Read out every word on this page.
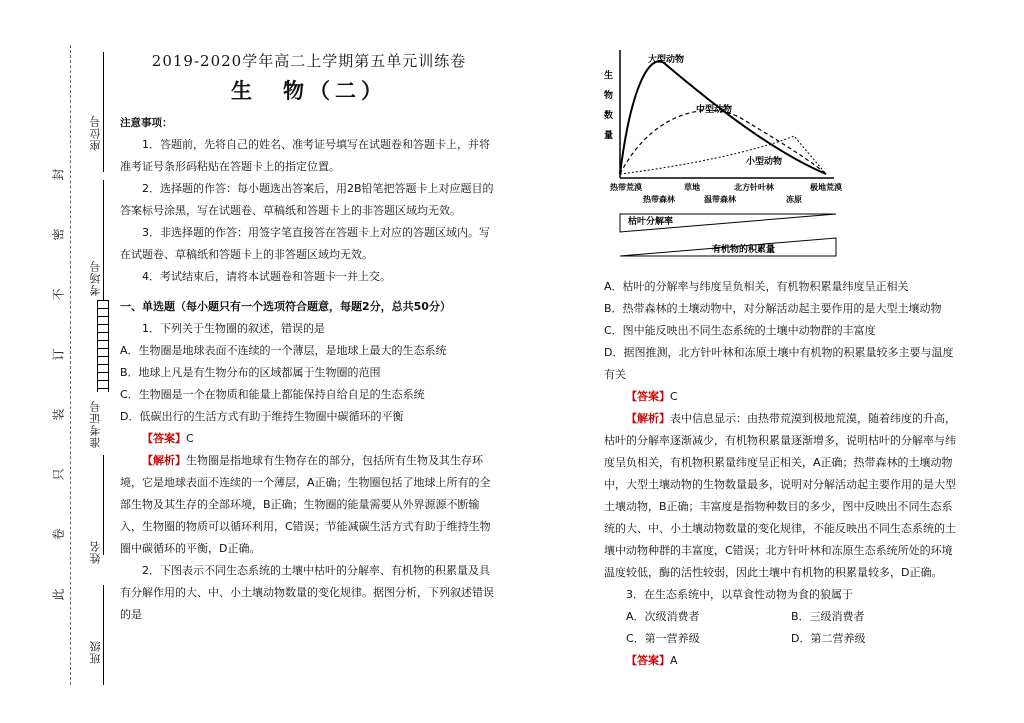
座位号
考场号
准考证号
姓名
班级
封
密
不
订
装
只
卷
此
2019-2020学年高二上学期第五单元训练卷
生　物（二）
注意事项：

1．答题前，先将自己的姓名、准考证号填写在试题卷和答题卡上，并将准考证号条形码粘贴在答题卡上的指定位置。

2．选择题的作答：每小题选出答案后，用2B铅笔把答题卡上对应题目的答案标号涂黑，写在试题卷、草稿纸和答题卡上的非答题区域均无效。

3．非选择题的作答：用签字笔直接答在答题卡上对应的答题区域内。写在试题卷、草稿纸和答题卡上的非答题区域均无效。

4．考试结束后，请将本试题卷和答题卡一并上交。

一、单选题（每小题只有一个选项符合题意，每题2分，总共50分）

1．下列关于生物圈的叙述，错误的是

A．生物圈是地球表面不连续的一个薄层，是地球上最大的生态系统

B．地球上凡是有生物分布的区域都属于生物圈的范围

C．生物圈是一个在物质和能量上都能保持自给自足的生态系统

D．低碳出行的生活方式有助于维持生物圈中碳循环的平衡

【答案】C

【解析】生物圈是指地球有生物存在的部分，包括所有生物及其生存环境，它是地球表面不连续的一个薄层，A正确；生物圈包括了地球上所有的全部生物及其生存的全部环境，B正确；生物圈的能量需要从外界源源不断输入，生物圈的物质可以循环利用，C错误；节能减碳生活方式有助于维持生物圈中碳循环的平衡，D正确。

2．下图表示不同生态系统的土壤中枯叶的分解率、有机物的积累量及具有分解作用的大、中、小土壤动物数量的变化规律。据图分析，下列叙述错误的是

生
物
数
量
大型动物
中型动物
小型动物
热带荒漠
热带森林
草地
温带森林
北方针叶林
冻原
极地荒漠
枯叶分解率
有机物的积累量

A．枯叶的分解率与纬度呈负相关，有机物积累量纬度呈正相关

B．热带森林的土壤动物中，对分解活动起主要作用的是大型土壤动物

C．图中能反映出不同生态系统的土壤中动物群的丰富度

D．据图推测，北方针叶林和冻原土壤中有机物的积累量较多主要与温度有关

【答案】C

【解析】表中信息显示：由热带荒漠到极地荒漠，随着纬度的升高，枯叶的分解率逐渐减少，有机物积累量逐渐增多，说明枯叶的分解率与纬度呈负相关，有机物积累量纬度呈正相关，A正确；热带森林的土壤动物中，大型土壤动物的生物数量最多，说明对分解活动起主要作用的是大型土壤动物，B正确；丰富度是指物种数目的多少，图中反映出不同生态系统的大、中、小土壤动物数量的变化规律，不能反映出不同生态系统的土壤中动物种群的丰富度，C错误；北方针叶林和冻原生态系统所处的环境温度较低，酶的活性较弱，因此土壤中有机物的积累量较多，D正确。

3．在生态系统中，以草食性动物为食的狼属于

A．次级消费者	B．三级消费者
C．第一营养级	D．第二营养级

【答案】A
